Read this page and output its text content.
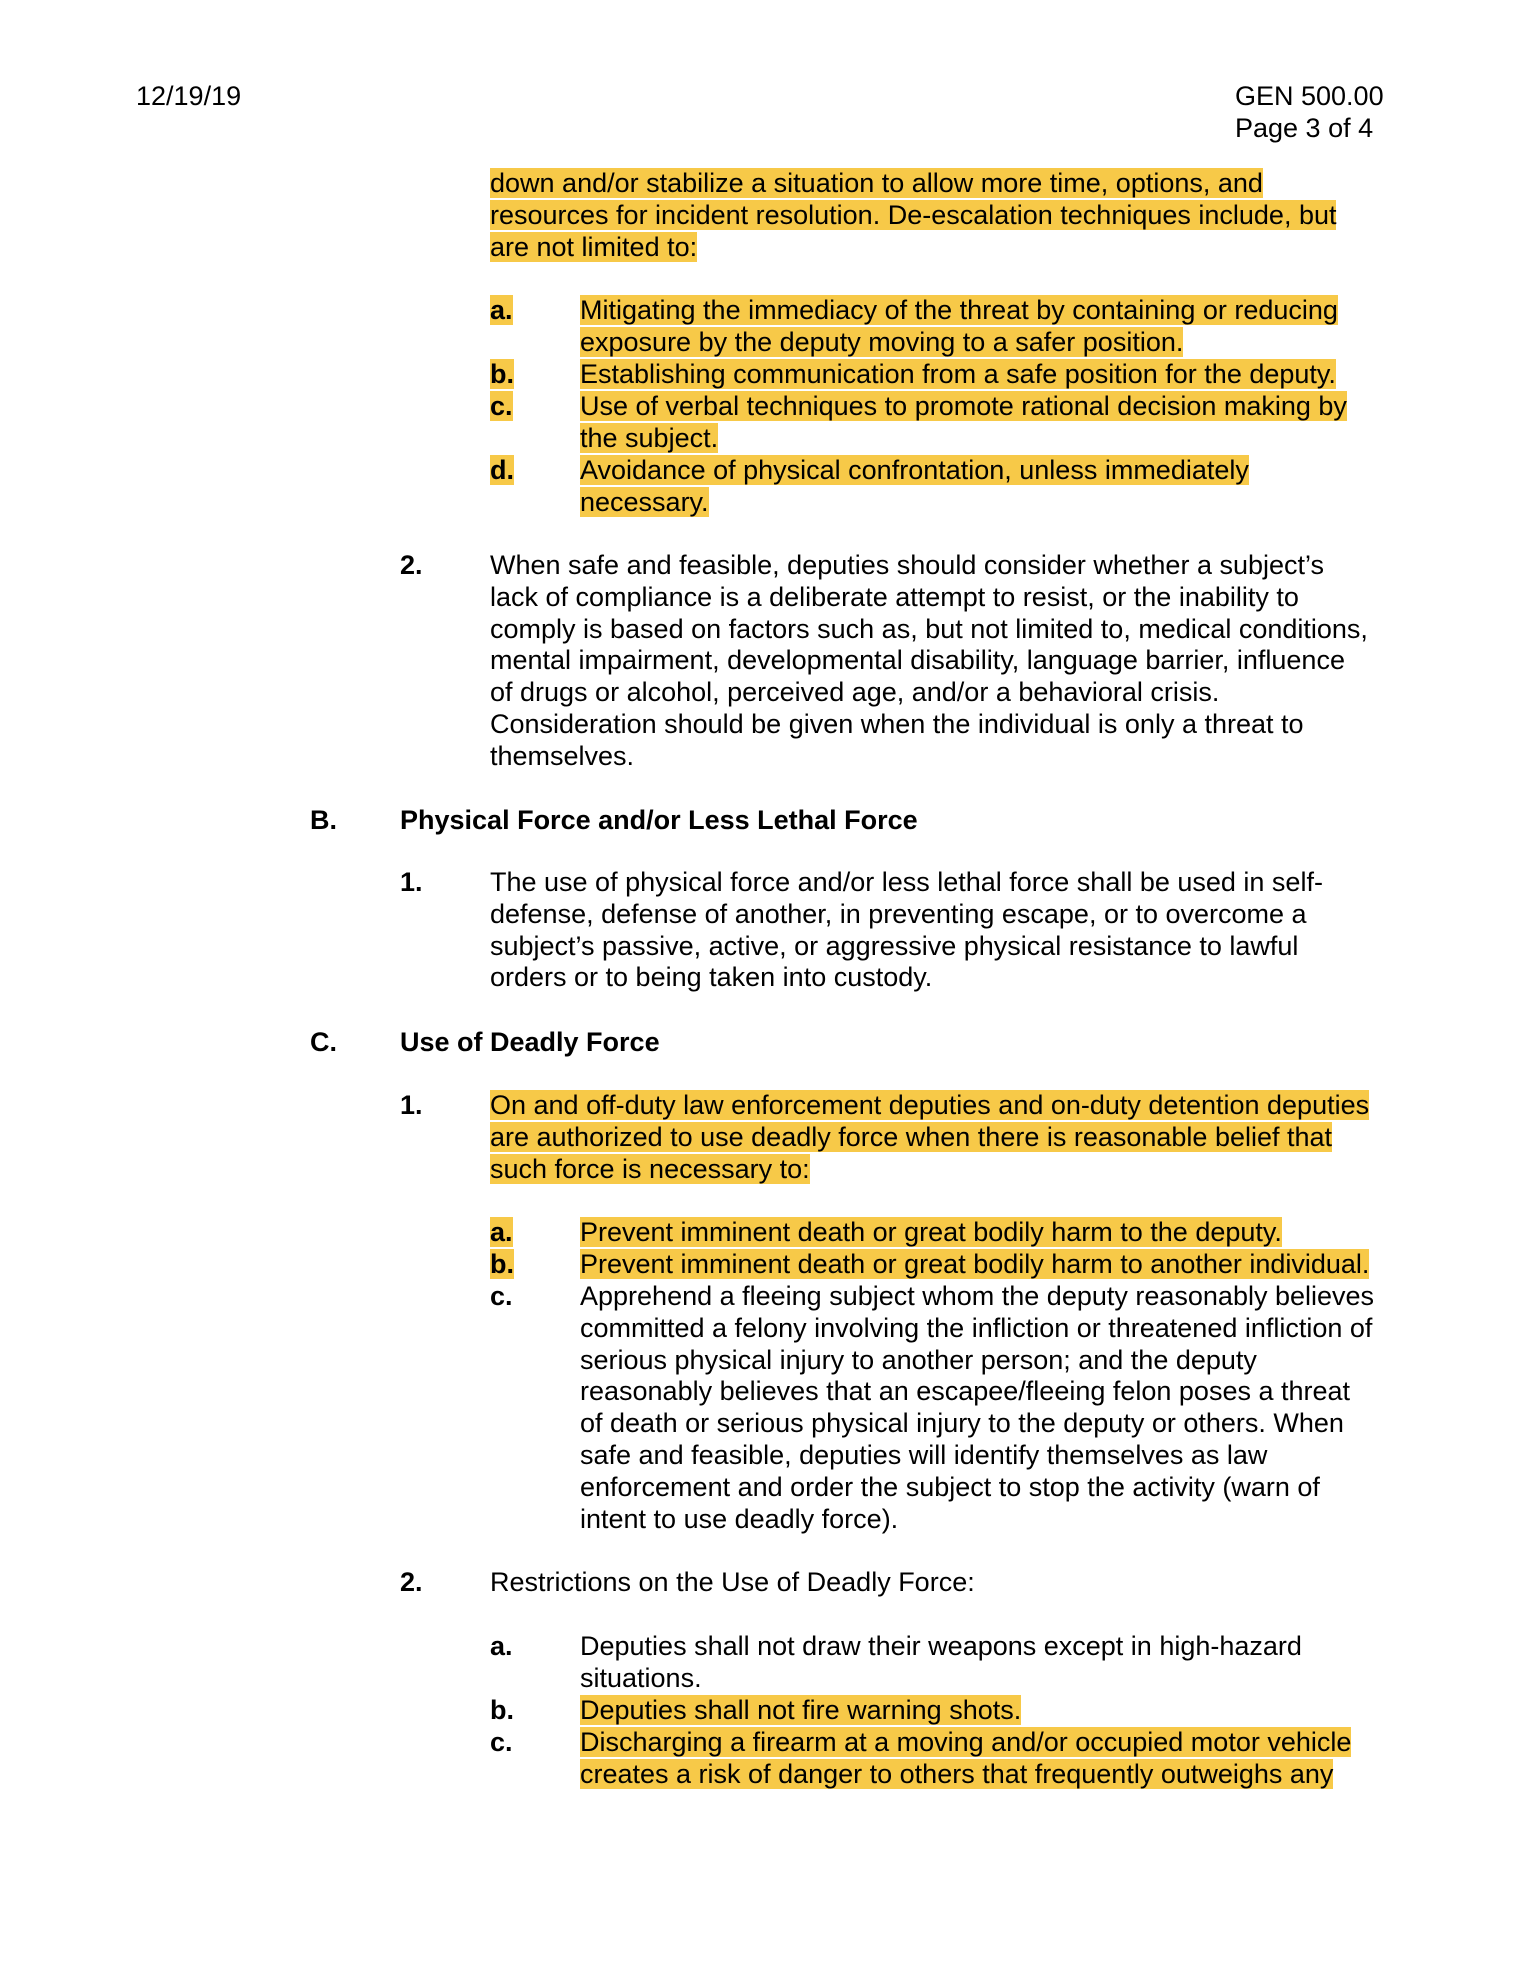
12/19/19	GEN 500.00
Page 3 of 4
down and/or stabilize a situation to allow more time, options, and
resources for incident resolution. De-escalation techniques include, but
are not limited to:
a. Mitigating the immediacy of the threat by containing or reducing
exposure by the deputy moving to a safer position.
b. Establishing communication from a safe position for the deputy.
c. Use of verbal techniques to promote rational decision making by
the subject.
d. Avoidance of physical confrontation, unless immediately
necessary.
2. When safe and feasible, deputies should consider whether a subject’s
lack of compliance is a deliberate attempt to resist, or the inability to
comply is based on factors such as, but not limited to, medical conditions,
mental impairment, developmental disability, language barrier, influence
of drugs or alcohol, perceived age, and/or a behavioral crisis.
Consideration should be given when the individual is only a threat to
themselves.
B. Physical Force and/or Less Lethal Force
1. The use of physical force and/or less lethal force shall be used in self-
defense, defense of another, in preventing escape, or to overcome a
subject’s passive, active, or aggressive physical resistance to lawful
orders or to being taken into custody.
C. Use of Deadly Force
1. On and off-duty law enforcement deputies and on-duty detention deputies
are authorized to use deadly force when there is reasonable belief that
such force is necessary to:
a. Prevent imminent death or great bodily harm to the deputy.
b. Prevent imminent death or great bodily harm to another individual.
c. Apprehend a fleeing subject whom the deputy reasonably believes
committed a felony involving the infliction or threatened infliction of
serious physical injury to another person; and the deputy
reasonably believes that an escapee/fleeing felon poses a threat
of death or serious physical injury to the deputy or others. When
safe and feasible, deputies will identify themselves as law
enforcement and order the subject to stop the activity (warn of
intent to use deadly force).
2. Restrictions on the Use of Deadly Force:
a. Deputies shall not draw their weapons except in high-hazard
situations.
b. Deputies shall not fire warning shots.
c. Discharging a firearm at a moving and/or occupied motor vehicle
creates a risk of danger to others that frequently outweighs any
